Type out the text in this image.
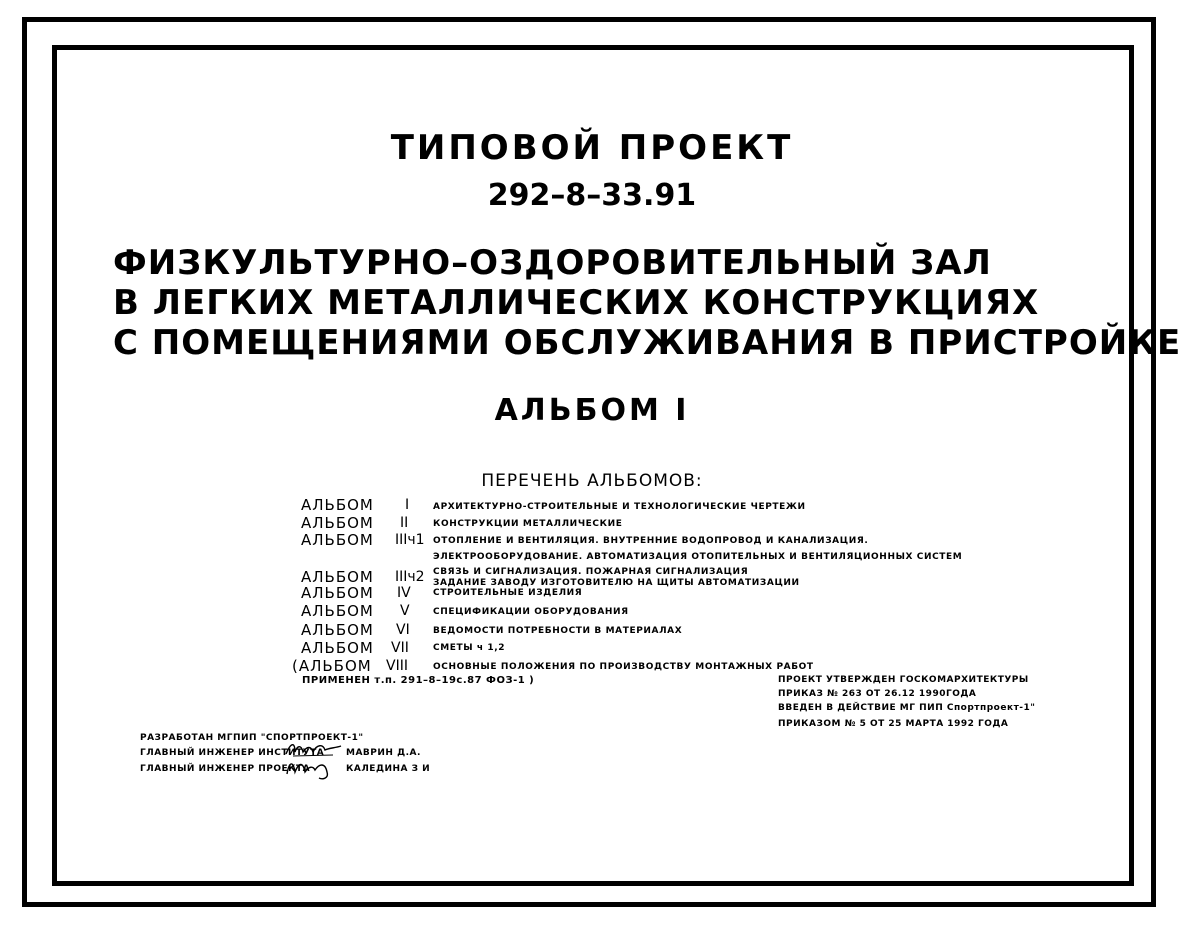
ТИПОВОЙ ПРОЕКТ
292–8–33.91
ФИЗКУЛЬТУРНО–ОЗДОРОВИТЕЛЬНЫЙ ЗАЛ
В ЛЕГКИХ МЕТАЛЛИЧЕСКИХ КОНСТРУКЦИЯХ
С ПОМЕЩЕНИЯМИ ОБСЛУЖИВАНИЯ В ПРИСТРОЙКЕ
АЛЬБОМ I
ПЕРЕЧЕНЬ АЛЬБОМОВ:
АЛЬБОМ I	АРХИТЕКТУРНО-СТРОИТЕЛЬНЫЕ И ТЕХНОЛОГИЧЕСКИЕ ЧЕРТЕЖИ
АЛЬБОМ II	КОНСТРУКЦИИ МЕТАЛЛИЧЕСКИЕ
АЛЬБОМ IIIч1 ОТОПЛЕНИЕ И ВЕНТИЛЯЦИЯ. ВНУТРЕННИЕ ВОДОПРОВОД И КАНАЛИЗАЦИЯ.
ЭЛЕКТРООБОРУДОВАНИЕ. АВТОМАТИЗАЦИЯ ОТОПИТЕЛЬНЫХ И ВЕНТИЛЯЦИОННЫХ СИСТЕМ
АЛЬБОМ IIIч2 СВЯЗЬ И СИГНАЛИЗАЦИЯ. ПОЖАРНАЯ СИГНАЛИЗАЦИЯ
ЗАДАНИЕ ЗАВОДУ ИЗГОТОВИТЕЛЮ НА ЩИТЫ АВТОМАТИЗАЦИИ
АЛЬБОМ IV СТРОИТЕЛЬНЫЕ ИЗДЕЛИЯ
АЛЬБОМ V	СПЕЦИФИКАЦИИ ОБОРУДОВАНИЯ
АЛЬБОМ VI	ВЕДОМОСТИ ПОТРЕБНОСТИ В МАТЕРИАЛАХ
АЛЬБОМ VII	СМЕТЫ ч 1,2
(АЛЬБОМ VIII	ОСНОВНЫЕ ПОЛОЖЕНИЯ ПО ПРОИЗВОДСТВУ МОНТАЖНЫХ РАБОТ
ПРИМЕНЕН т.п. 291–8–19с.87 ФОЗ-1 )	ПРОЕКТ УТВЕРЖДЕН ГОСКОМАРХИТЕКТУРЫ
ПРИКАЗ № 263 ОТ 26.12 1990ГОДА
ВВЕДЕН В ДЕЙСТВИЕ МГ ПИП Спортпроект-1"
ПРИКАЗОМ № 5 ОТ 25 МАРТА 1992 ГОДА
РАЗРАБОТАН МГПИП "СПОРТПРОЕКТ-1"
ГЛАВНЫЙ ИНЖЕНЕР ИНСТИТУТА МАВРИН Д.А.
ГЛАВНЫЙ ИНЖЕНЕР ПРОЕКТА	КАЛЕДИНА З И
